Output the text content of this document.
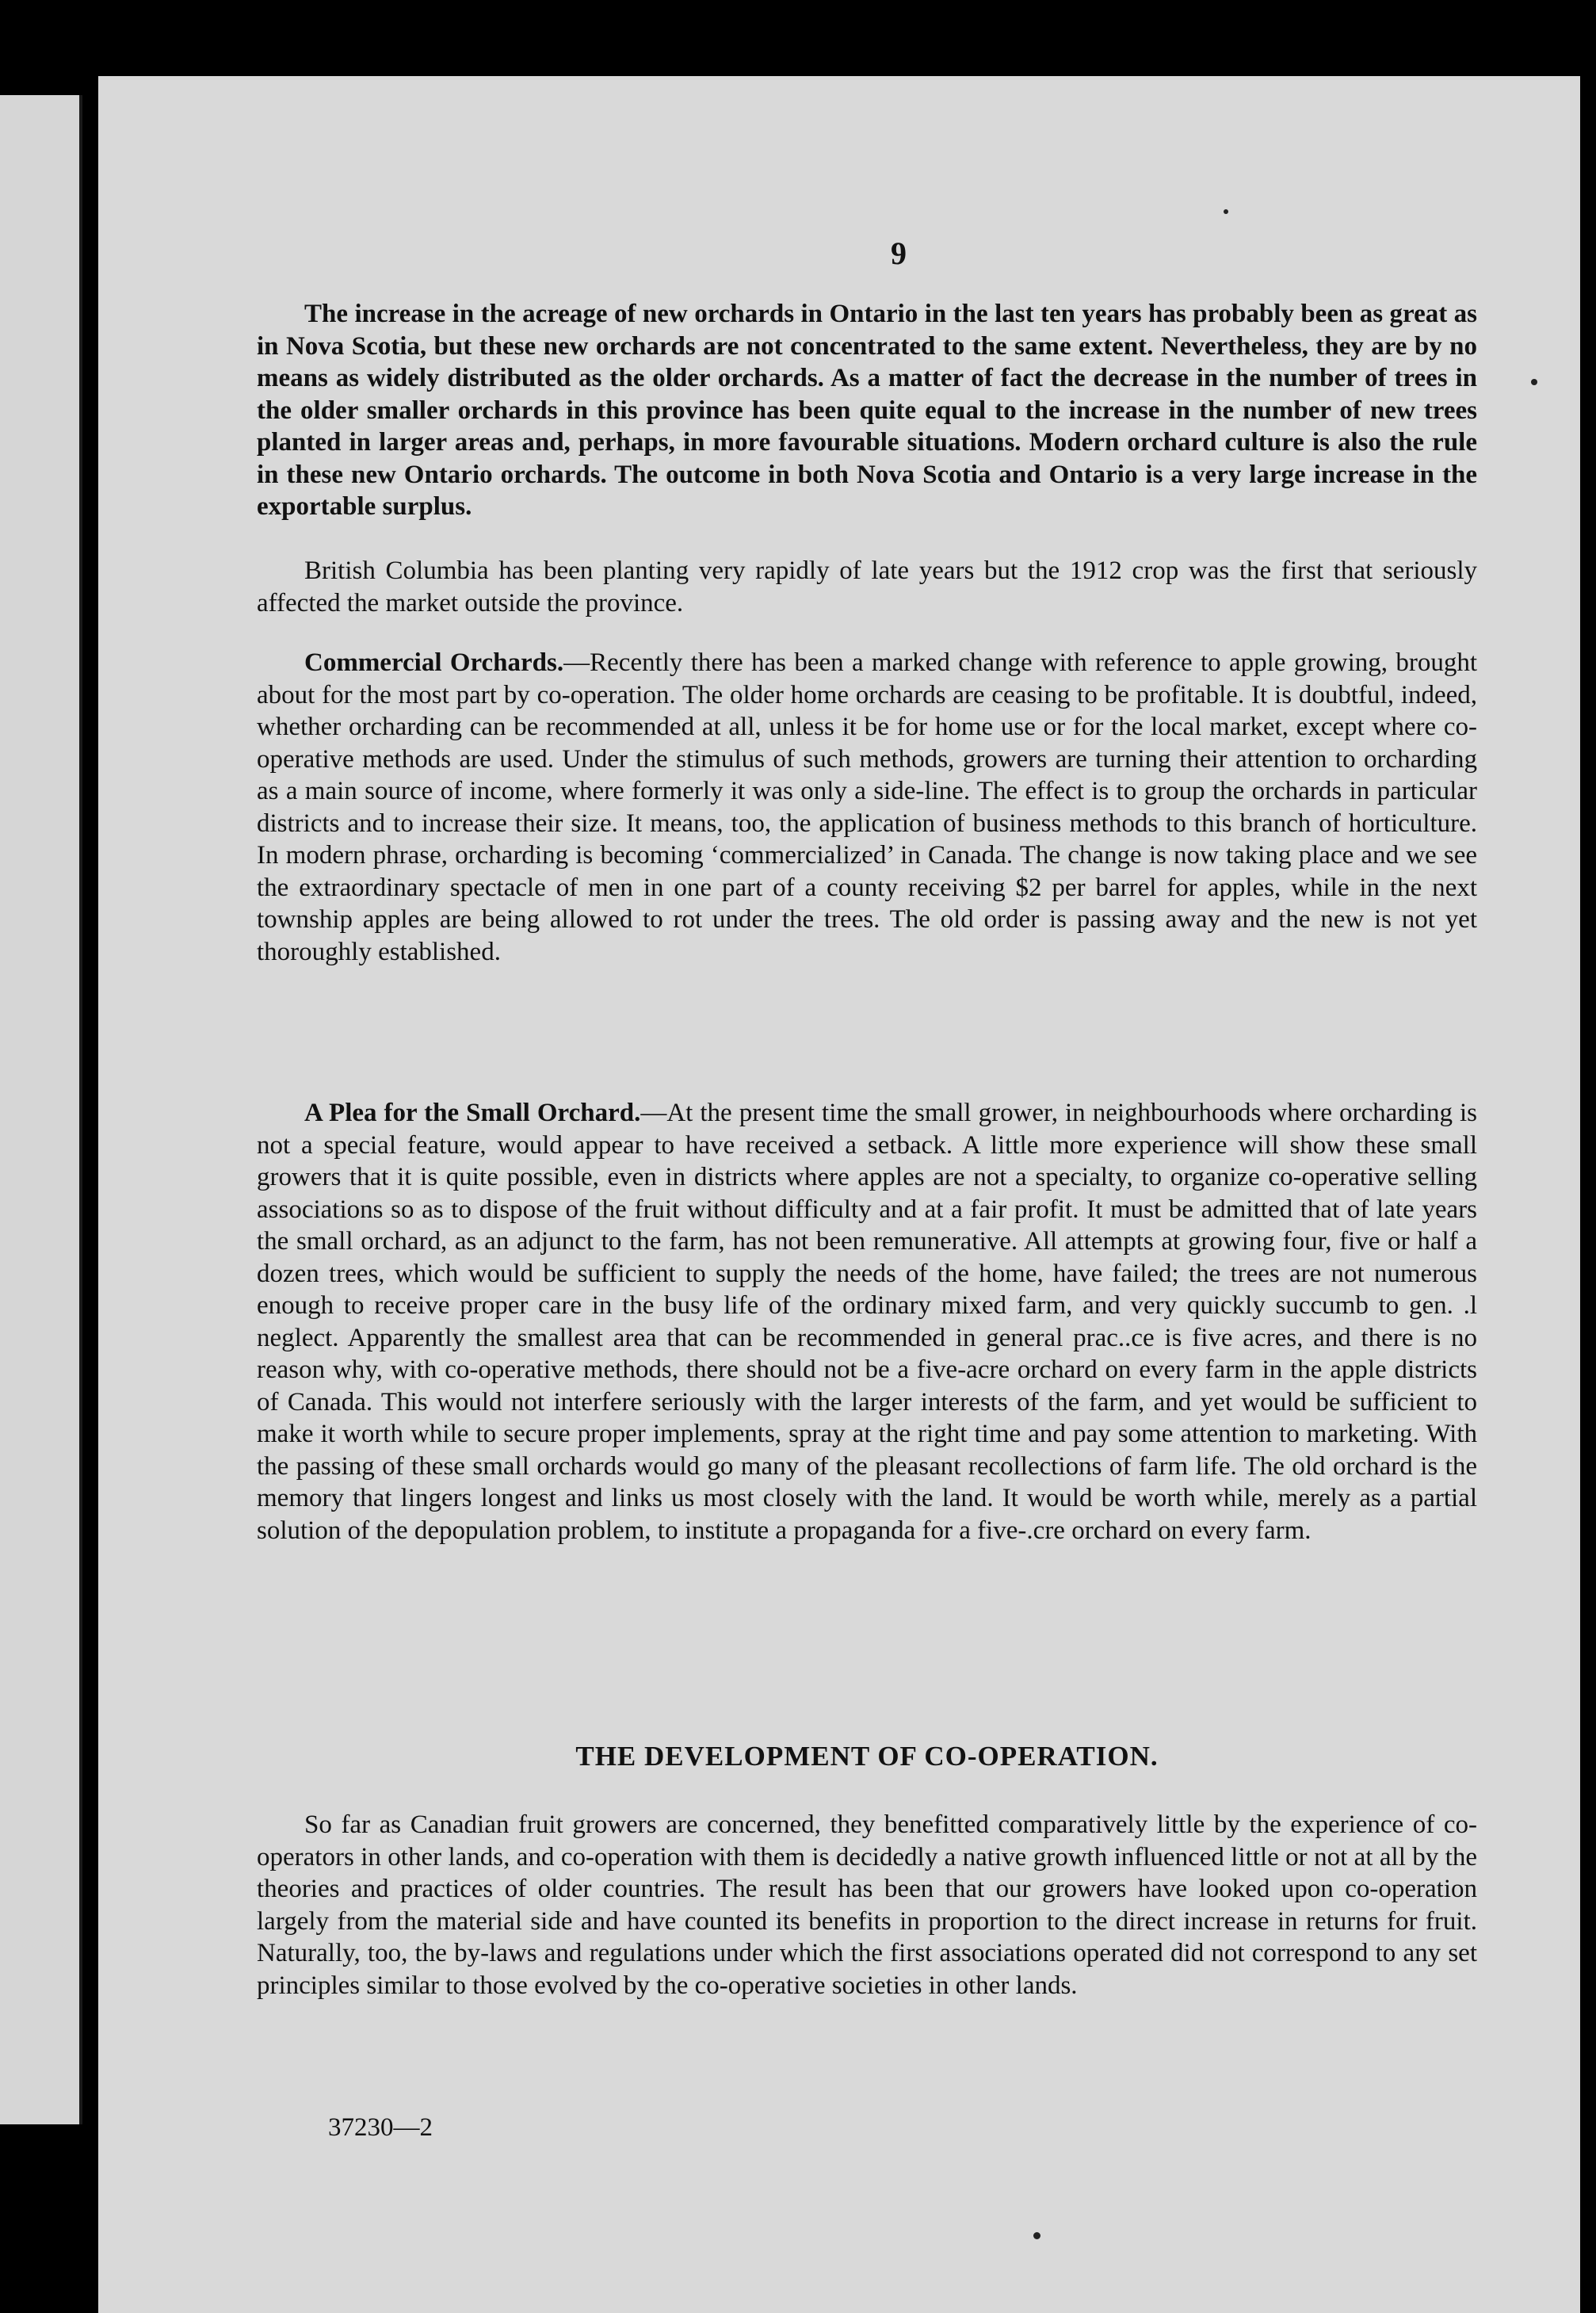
9

The increase in the acreage of new orchards in Ontario in the last ten years has probably been as great as in Nova Scotia, but these new orchards are not concentrated to the same extent. Nevertheless, they are by no means as widely distributed as the older orchards. As a matter of fact the decrease in the number of trees in the older smaller orchards in this province has been quite equal to the increase in the number of new trees planted in larger areas and, perhaps, in more favourable situations. Modern orchard culture is also the rule in these new Ontario orchards. The outcome in both Nova Scotia and Ontario is a very large increase in the exportable surplus.

British Columbia has been planting very rapidly of late years but the 1912 crop was the first that seriously affected the market outside the province.

Commercial Orchards.—Recently there has been a marked change with reference to apple growing, brought about for the most part by co-operation. The older home orchards are ceasing to be profitable. It is doubtful, indeed, whether orcharding can be recommended at all, unless it be for home use or for the local market, except where co-operative methods are used. Under the stimulus of such methods, growers are turning their attention to orcharding as a main source of income, where formerly it was only a side-line. The effect is to group the orchards in particular districts and to increase their size. It means, too, the application of business methods to this branch of horticulture. In modern phrase, orcharding is becoming ‘commercialized’ in Canada. The change is now taking place and we see the extraordinary spectacle of men in one part of a county receiving $2 per barrel for apples, while in the next township apples are being allowed to rot under the trees. The old order is passing away and the new is not yet thoroughly established.

A Plea for the Small Orchard.—At the present time the small grower, in neighbourhoods where orcharding is not a special feature, would appear to have received a setback. A little more experience will show these small growers that it is quite possible, even in districts where apples are not a specialty, to organize co-operative selling associations so as to dispose of the fruit without difficulty and at a fair profit. It must be admitted that of late years the small orchard, as an adjunct to the farm, has not been remunerative. All attempts at growing four, five or half a dozen trees, which would be sufficient to supply the needs of the home, have failed; the trees are not numerous enough to receive proper care in the busy life of the ordinary mixed farm, and very quickly succumb to gen. .l neglect. Apparently the smallest area that can be recommended in general prac..ce is five acres, and there is no reason why, with co-operative methods, there should not be a five-acre orchard on every farm in the apple districts of Canada. This would not interfere seriously with the larger interests of the farm, and yet would be sufficient to make it worth while to secure proper implements, spray at the right time and pay some attention to marketing. With the passing of these small orchards would go many of the pleasant recollections of farm life. The old orchard is the memory that lingers longest and links us most closely with the land. It would be worth while, merely as a partial solution of the depopulation problem, to institute a propaganda for a five-.cre orchard on every farm.

THE DEVELOPMENT OF CO-OPERATION.

So far as Canadian fruit growers are concerned, they benefitted comparatively little by the experience of co-operators in other lands, and co-operation with them is decidedly a native growth influenced little or not at all by the theories and practices of older countries. The result has been that our growers have looked upon co-operation largely from the material side and have counted its benefits in proportion to the direct increase in returns for fruit. Naturally, too, the by-laws and regulations under which the first associations operated did not correspond to any set principles similar to those evolved by the co-operative societies in other lands.

37230—2
